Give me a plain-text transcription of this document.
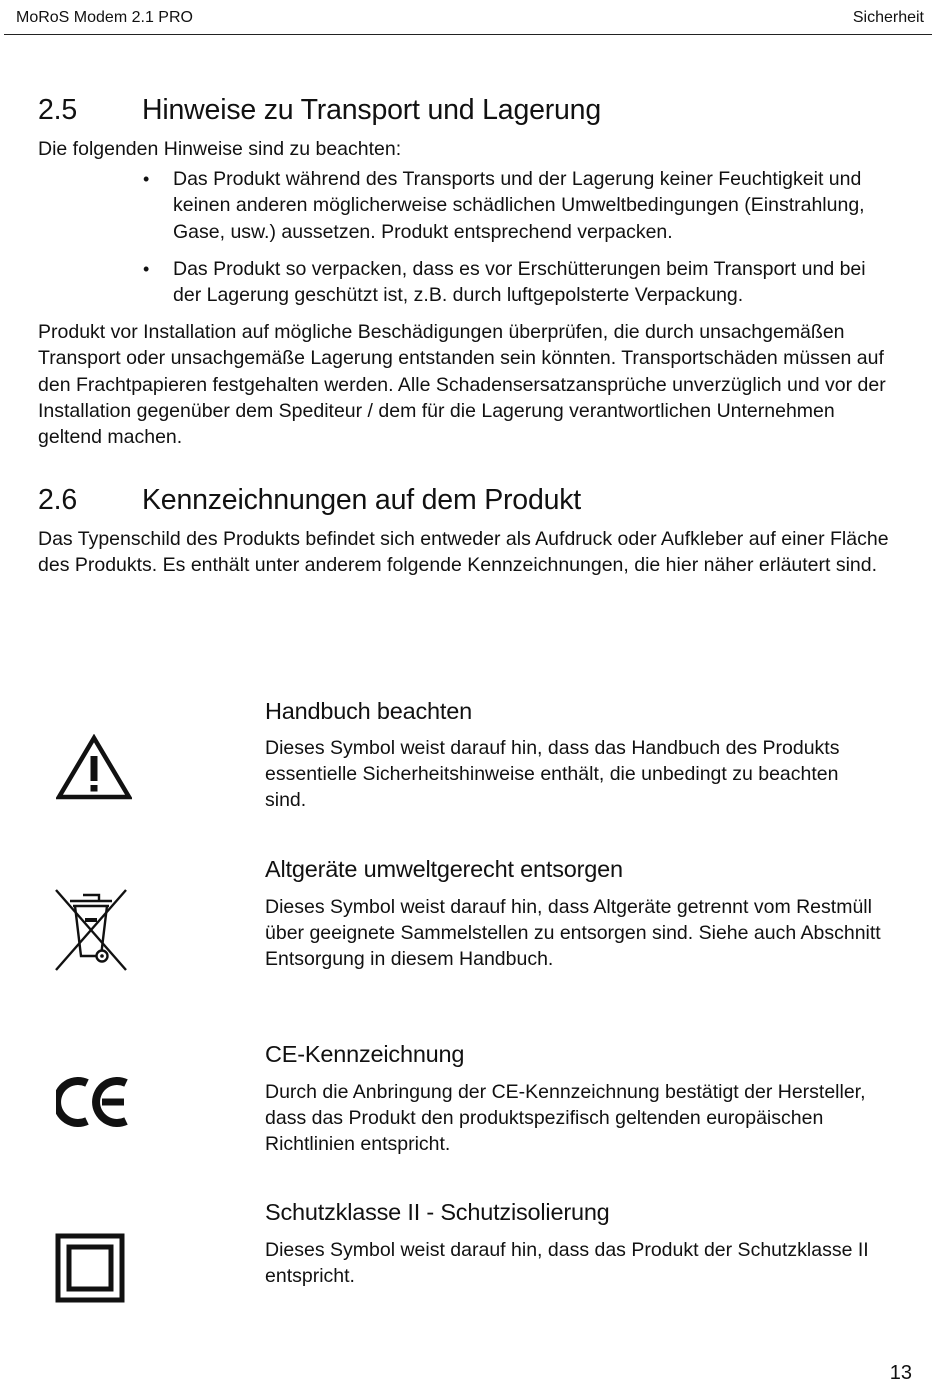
MoRoS Modem 2.1 PRO	Sicherheit
2.5 Hinweise zu Transport und Lagerung

Die folgenden Hinweise sind zu beachten:

• Das Produkt während des Transports und der Lagerung keiner Feuchtigkeit und keinen anderen möglicherweise schädlichen Umweltbedingungen (Einstrahlung, Gase, usw.) aussetzen. Produkt entsprechend verpacken.
• Das Produkt so verpacken, dass es vor Erschütterungen beim Transport und bei der Lagerung geschützt ist, z.B. durch luftgepolsterte Verpackung.

Produkt vor Installation auf mögliche Beschädigungen überprüfen, die durch unsachgemäßen Transport oder unsachgemäße Lagerung entstanden sein könnten. Transportschäden müssen auf den Frachtpapieren festgehalten werden. Alle Schadensersatzansprüche unverzüglich und vor der Installation gegenüber dem Spediteur / dem für die Lagerung verantwortlichen Unternehmen geltend machen.

2.6 Kennzeichnungen auf dem Produkt

Das Typenschild des Produkts befindet sich entweder als Aufdruck oder Aufkleber auf einer Fläche des Produkts. Es enthält unter anderem folgende Kennzeichnungen, die hier näher erläutert sind.

Handbuch beachten
Dieses Symbol weist darauf hin, dass das Handbuch des Produkts essentielle Sicherheitshinweise enthält, die unbedingt zu beachten sind.
Altgeräte umweltgerecht entsorgen
Dieses Symbol weist darauf hin, dass Altgeräte getrennt vom Restmüll über geeignete Sammelstellen zu entsorgen sind. Siehe auch Abschnitt Entsorgung in diesem Handbuch.
CE-Kennzeichnung
Durch die Anbringung der CE-Kennzeichnung bestätigt der Hersteller, dass das Produkt den produktspezifisch geltenden europäischen Richtlinien entspricht.
Schutzklasse II - Schutzisolierung
Dieses Symbol weist darauf hin, dass das Produkt der Schutzklasse II entspricht.
13
